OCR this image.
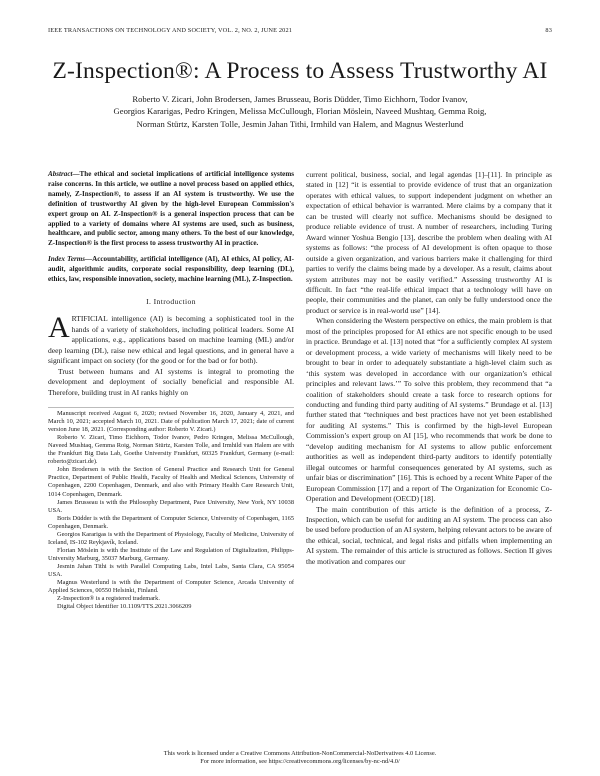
IEEE TRANSACTIONS ON TECHNOLOGY AND SOCIETY, VOL. 2, NO. 2, JUNE 2021	83
Z-Inspection®: A Process to Assess Trustworthy AI
Roberto V. Zicari, John Brodersen, James Brusseau, Boris Düdder, Timo Eichhorn, Todor Ivanov,
Georgios Kararigas, Pedro Kringen, Melissa McCullough, Florian Möslein, Naveed Mushtaq, Gemma Roig,
Norman Stürtz, Karsten Tolle, Jesmin Jahan Tithi, Irmhild van Halem, and Magnus Westerlund

Abstract—The ethical and societal implications of artificial intelligence systems raise concerns. In this article, we outline a novel process based on applied ethics, namely, Z-Inspection®, to assess if an AI system is trustworthy. We use the definition of trustworthy AI given by the high-level European Commission's expert group on AI. Z-Inspection® is a general inspection process that can be applied to a variety of domains where AI systems are used, such as business, healthcare, and public sector, among many others. To the best of our knowledge, Z-Inspection® is the first process to assess trustworthy AI in practice.

Index Terms—Accountability, artificial intelligence (AI), AI ethics, AI policy, AI-audit, algorithmic audits, corporate social responsibility, deep learning (DL), ethics, law, responsible innovation, society, machine learning (ML), Z-Inspection.

I. Introduction

ARTIFICIAL intelligence (AI) is becoming a sophisticated tool in the hands of a variety of stakeholders, including political leaders. Some AI applications, e.g., applications based on machine learning (ML) and/or deep learning (DL), raise new ethical and legal questions, and in general have a significant impact on society (for the good or for the bad or for both).

Trust between humans and AI systems is integral to promoting the development and deployment of socially beneficial and responsible AI. Therefore, building trust in AI ranks highly on

Manuscript received August 6, 2020; revised November 16, 2020, January 4, 2021, and March 10, 2021; accepted March 10, 2021. Date of publication March 17, 2021; date of current version June 18, 2021. (Corresponding author: Roberto V. Zicari.)

Roberto V. Zicari, Timo Eichhorn, Todor Ivanov, Pedro Kringen, Melissa McCullough, Naveed Mushtaq, Gemma Roig, Norman Stürtz, Karsten Tolle, and Irmhild van Halem are with the Frankfurt Big Data Lab, Goethe University Frankfurt, 60325 Frankfurt, Germany (e-mail: roberto@zicari.de).

John Brodersen is with the Section of General Practice and Research Unit for General Practice, Department of Public Health, Faculty of Health and Medical Sciences, University of Copenhagen, 2200 Copenhagen, Denmark, and also with Primary Health Care Research Unit, 1014 Copenhagen, Denmark.

James Brusseau is with the Philosophy Department, Pace University, New York, NY 10038 USA.

Boris Düdder is with the Department of Computer Science, University of Copenhagen, 1165 Copenhagen, Denmark.

Georgios Kararigas is with the Department of Physiology, Faculty of Medicine, University of Iceland, IS-102 Reykjavík, Iceland.

Florian Möslein is with the Institute of the Law and Regulation of Digitalization, Philipps-University Marburg, 35037 Marburg, Germany.

Jesmin Jahan Tithi is with Parallel Computing Labs, Intel Labs, Santa Clara, CA 95054 USA.

Magnus Westerlund is with the Department of Computer Science, Arcada University of Applied Sciences, 00550 Helsinki, Finland.

Z-Inspection® is a registered trademark.

Digital Object Identifier 10.1109/TTS.2021.3066209

current political, business, social, and legal agendas [1]–[11]. In principle as stated in [12] “it is essential to provide evidence of trust that an organization operates with ethical values, to support independent judgment on whether an expectation of ethical behavior is warranted. Mere claims by a company that it can be trusted will clearly not suffice. Mechanisms should be designed to produce reliable evidence of trust. A number of researchers, including Turing Award winner Yoshua Bengio [13], describe the problem when dealing with AI systems as follows: “the process of AI development is often opaque to those outside a given organization, and various barriers make it challenging for third parties to verify the claims being made by a developer. As a result, claims about system attributes may not be easily verified.” Assessing trustworthy AI is difficult. In fact “the real-life ethical impact that a technology will have on people, their communities and the planet, can only be fully understood once the product or service is in real-world use” [14].

When considering the Western perspective on ethics, the main problem is that most of the principles proposed for AI ethics are not specific enough to be used in practice. Brundage et al. [13] noted that “for a sufficiently complex AI system or development process, a wide variety of mechanisms will likely need to be brought to bear in order to adequately substantiate a high-level claim such as ‘this system was developed in accordance with our organization’s ethical principles and relevant laws.’” To solve this problem, they recommend that “a coalition of stakeholders should create a task force to research options for conducting and funding third party auditing of AI systems.” Brundage et al. [13] further stated that “techniques and best practices have not yet been established for auditing AI systems.” This is confirmed by the high-level European Commission’s expert group on AI [15], who recommends that work be done to “develop auditing mechanism for AI systems to allow public enforcement authorities as well as independent third-party auditors to identify potentially illegal outcomes or harmful consequences generated by AI systems, such as unfair bias or discrimination” [16]. This is echoed by a recent White Paper of the European Commission [17] and a report of The Organization for Economic Co-Operation and Development (OECD) [18].

The main contribution of this article is the definition of a process, Z-Inspection, which can be useful for auditing an AI system. The process can also be used before production of an AI system, helping relevant actors to be aware of the ethical, social, technical, and legal risks and pitfalls when implementing an AI system. The remainder of this article is structured as follows. Section II gives the motivation and compares our

This work is licensed under a Creative Commons Attribution-NonCommercial-NoDerivatives 4.0 License.
For more information, see https://creativecommons.org/licenses/by-nc-nd/4.0/
